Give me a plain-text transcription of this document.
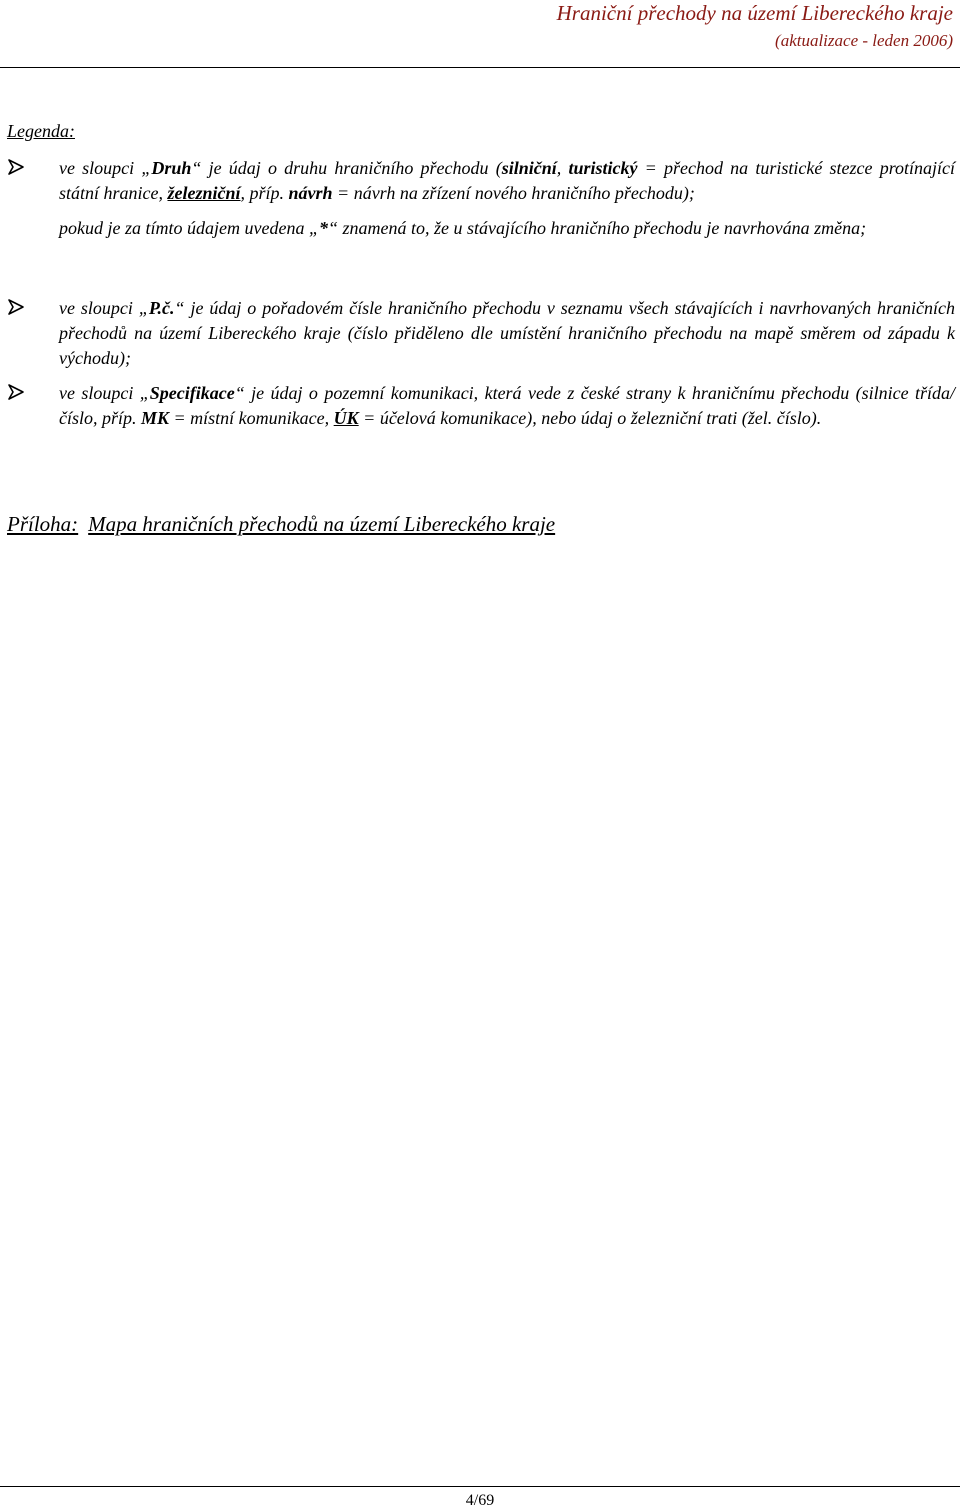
Hraniční přechody na území Libereckého kraje
(aktualizace - leden 2006)
Legenda:
ve sloupci „Druh“ je údaj o druhu hraničního přechodu (silniční, turistický = přechod na turistické stezce protínající státní hranice, železniční, příp. návrh = návrh na zřízení nového hraničního přechodu);
pokud je za tímto údajem uvedena „*“ znamená to, že u stávajícího hraničního přechodu je navrhována změna;
ve sloupci „P.č.“ je údaj o pořadovém čísle hraničního přechodu v seznamu všech stávajících i navrhovaných hraničních přechodů na území Libereckého kraje (číslo přiděleno dle umístění hraničního přechodu na mapě směrem od západu k východu);
ve sloupci „Specifikace“ je údaj o pozemní komunikaci, která vede z české strany k hraničnímu přechodu (silnice třída/číslo, příp. MK = místní komunikace, ÚK = účelová komunikace), nebo údaj o železniční trati (žel. číslo).
Příloha: Mapa hraničních přechodů na území Libereckého kraje
4/69
